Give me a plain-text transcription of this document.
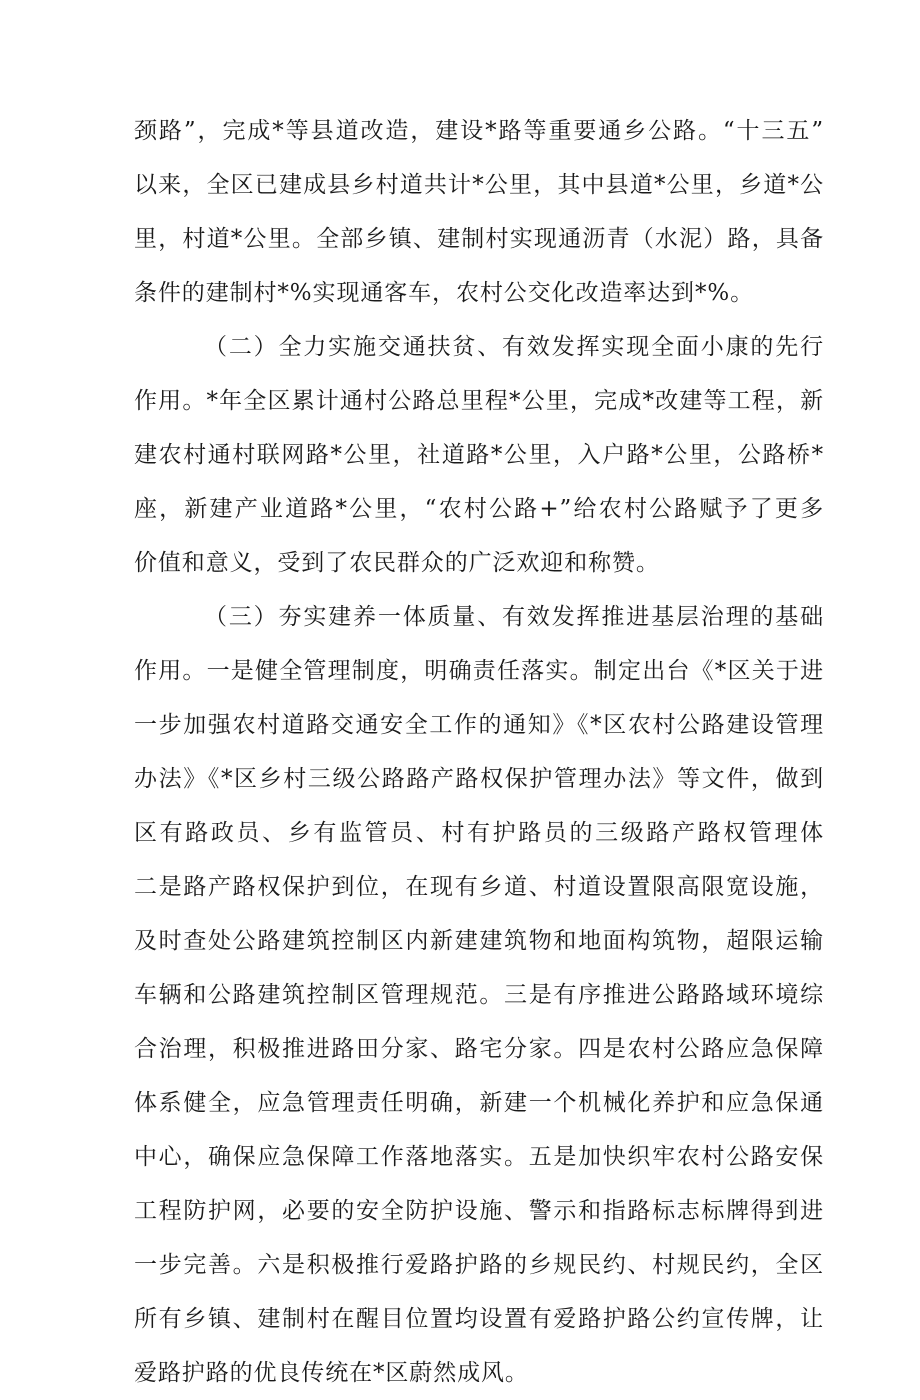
颈路”，完成*等县道改造，建设*路等重要通乡公路。“十三五”
以来，全区已建成县乡村道共计*公里，其中县道*公里，乡道*公
里，村道*公里。全部乡镇、建制村实现通沥青（水泥）路，具备
条件的建制村*%实现通客车，农村公交化改造率达到*%。
（二）全力实施交通扶贫、有效发挥实现全面小康的先行
作用。*年全区累计通村公路总里程*公里，完成*改建等工程，新
建农村通村联网路*公里，社道路*公里，入户路*公里，公路桥*
座，新建产业道路*公里，“农村公路+”给农村公路赋予了更多
价值和意义，受到了农民群众的广泛欢迎和称赞。
（三）夯实建养一体质量、有效发挥推进基层治理的基础
作用。一是健全管理制度，明确责任落实。制定出台《*区关于进
一步加强农村道路交通安全工作的通知》《*区农村公路建设管理
办法》《*区乡村三级公路路产路权保护管理办法》等文件，做到
区有路政员、乡有监管员、村有护路员的三级路产路权管理体
二是路产路权保护到位，在现有乡道、村道设置限高限宽设施，
及时查处公路建筑控制区内新建建筑物和地面构筑物，超限运输
车辆和公路建筑控制区管理规范。三是有序推进公路路域环境综
合治理，积极推进路田分家、路宅分家。四是农村公路应急保障
体系健全，应急管理责任明确，新建一个机械化养护和应急保通
中心，确保应急保障工作落地落实。五是加快织牢农村公路安保
工程防护网，必要的安全防护设施、警示和指路标志标牌得到进
一步完善。六是积极推行爱路护路的乡规民约、村规民约，全区
所有乡镇、建制村在醒目位置均设置有爱路护路公约宣传牌，让
爱路护路的优良传统在*区蔚然成风。
